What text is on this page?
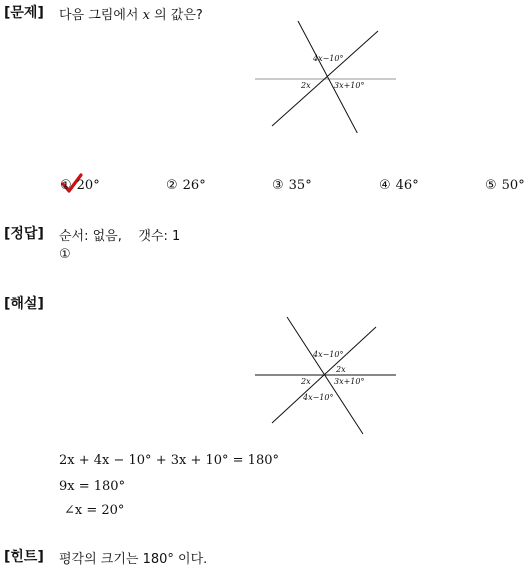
[문제] 다음 그림에서 x 의 값은?
4x−10°
2x	3x+10°
① 20°	② 26°	③ 35°	④ 46°	⑤ 50°
[정답] 순서: 없음,    갯수: 1
①
[해설]
4x−10°
2x
2x	3x+10°
4x−10°
2x + 4x − 10° + 3x + 10° = 180°
9x = 180°
∠x = 20°
[힌트] 평각의 크기는 180° 이다.
